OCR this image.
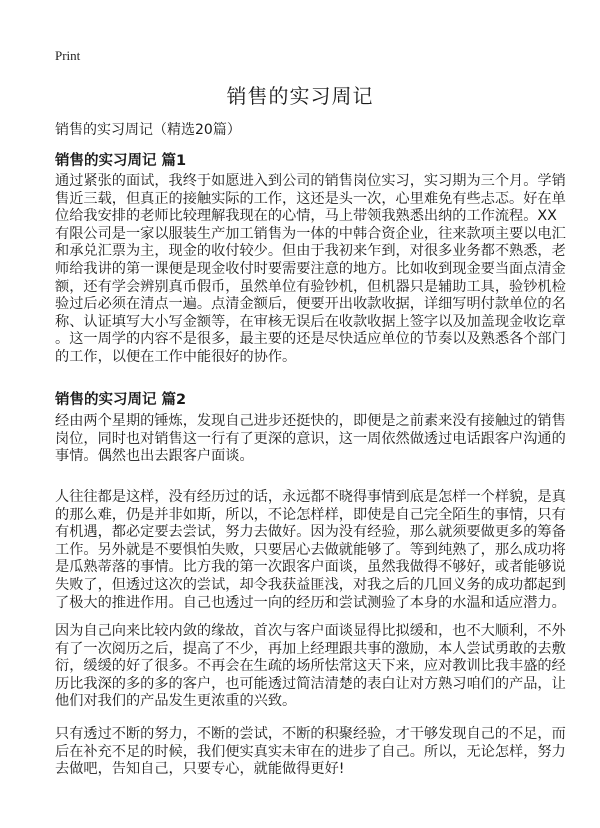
Print
销售的实习周记
销售的实习周记（精选20篇）
销售的实习周记 篇1
通过紧张的面试，我终于如愿进入到公司的销售岗位实习，实习期为三个月。学销
售近三载，但真正的接触实际的工作，这还是头一次，心里难免有些忐忑。好在单
位给我安排的老师比较理解我现在的心情，马上带领我熟悉出纳的工作流程。XX
有限公司是一家以服装生产加工销售为一体的中韩合资企业，往来款项主要以电汇
和承兑汇票为主，现金的收付较少。但由于我初来乍到，对很多业务都不熟悉，老
师给我讲的第一课便是现金收付时要需要注意的地方。比如收到现金要当面点清金
额，还有学会辨别真币假币，虽然单位有验钞机，但机器只是辅助工具，验钞机检
验过后必须在清点一遍。点清金额后，便要开出收款收据，详细写明付款单位的名
称、认证填写大小写金额等，在审核无误后在收款收据上签字以及加盖现金收讫章
。这一周学的内容不是很多，最主要的还是尽快适应单位的节奏以及熟悉各个部门
的工作，以便在工作中能很好的协作。
销售的实习周记 篇2
经由两个星期的锤炼，发现自己进步还挺快的，即便是之前素来没有接触过的销售
岗位，同时也对销售这一行有了更深的意识，这一周依然做透过电话跟客户沟通的
事情。偶然也出去跟客户面谈。
人往往都是这样，没有经历过的话，永远都不晓得事情到底是怎样一个样貌，是真
的那么难，仍是并非如斯，所以，不论怎样样，即使是自己完全陌生的事情，只有
有机遇，都必定要去尝试，努力去做好。因为没有经验，那么就须要做更多的筹备
工作。另外就是不要惧怕失败，只要居心去做就能够了。等到纯熟了，那么成功将
是瓜熟蒂落的事情。比方我的第一次跟客户面谈，虽然我做得不够好，或者能够说
失败了，但透过这次的尝试，却令我获益匪浅，对我之后的几回义务的成功都起到
了极大的推进作用。自己也透过一向的经历和尝试测验了本身的水温和适应潜力。
因为自己向来比较内敛的缘故，首次与客户面谈显得比拟缓和，也不大顺利，不外
有了一次阅历之后，提高了不少，再加上经理跟共事的激励，本人尝试勇敢的去敷
衍，缓缓的好了很多。不再会在生疏的场所怯常这天下来，应对教训比我丰盛的经
历比我深的多的多的客户，也可能透过简洁清楚的表白让对方熟习咱们的产品，让
他们对我们的产品发生更浓重的兴致。
只有透过不断的努力，不断的尝试，不断的积聚经验，才干够发现自己的不足，而
后在补充不足的时候，我们便实真实未审在的进步了自己。所以，无论怎样，努力
去做吧，告知自己，只要专心，就能做得更好!
